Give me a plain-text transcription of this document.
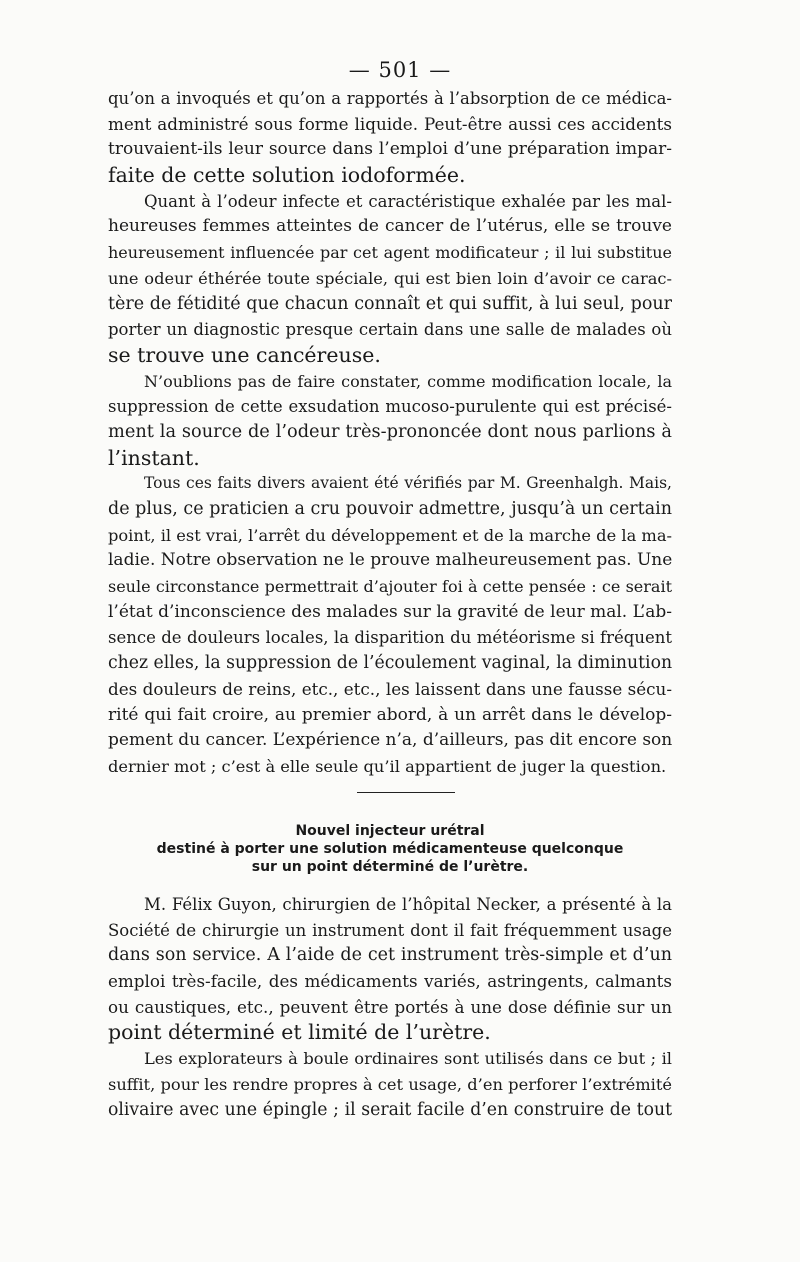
— 501 —
qu’on a invoqués et qu’on a rapportés à l’absorption de ce médica-
ment administré sous forme liquide. Peut-être aussi ces accidents
trouvaient-ils leur source dans l’emploi d’une préparation impar-
faite de cette solution iodoformée.
Quant à l’odeur infecte et caractéristique exhalée par les mal-
heureuses femmes atteintes de cancer de l’utérus, elle se trouve
heureusement influencée par cet agent modificateur ; il lui substitue
une odeur éthérée toute spéciale, qui est bien loin d’avoir ce carac-
tère de fétidité que chacun connaît et qui suffit, à lui seul, pour
porter un diagnostic presque certain dans une salle de malades où
se trouve une cancéreuse.
N’oublions pas de faire constater, comme modification locale, la
suppression de cette exsudation mucoso-purulente qui est précisé-
ment la source de l’odeur très-prononcée dont nous parlions à
l’instant.
Tous ces faits divers avaient été vérifiés par M. Greenhalgh. Mais,
de plus, ce praticien a cru pouvoir admettre, jusqu’à un certain
point, il est vrai, l’arrêt du développement et de la marche de la ma-
ladie. Notre observation ne le prouve malheureusement pas. Une
seule circonstance permettrait d’ajouter foi à cette pensée : ce serait
l’état d’inconscience des malades sur la gravité de leur mal. L’ab-
sence de douleurs locales, la disparition du météorisme si fréquent
chez elles, la suppression de l’écoulement vaginal, la diminution
des douleurs de reins, etc., etc., les laissent dans une fausse sécu-
rité qui fait croire, au premier abord, à un arrêt dans le dévelop-
pement du cancer. L’expérience n’a, d’ailleurs, pas dit encore son
dernier mot ; c’est à elle seule qu’il appartient de juger la question.
Nouvel injecteur urétral
destiné à porter une solution médicamenteuse quelconque
sur un point déterminé de l’urètre.
M. Félix Guyon, chirurgien de l’hôpital Necker, a présenté à la
Société de chirurgie un instrument dont il fait fréquemment usage
dans son service. A l’aide de cet instrument très-simple et d’un
emploi très-facile, des médicaments variés, astringents, calmants
ou caustiques, etc., peuvent être portés à une dose définie sur un
point déterminé et limité de l’urètre.
Les explorateurs à boule ordinaires sont utilisés dans ce but ; il
suffit, pour les rendre propres à cet usage, d’en perforer l’extrémité
olivaire avec une épingle ; il serait facile d’en construire de tout
